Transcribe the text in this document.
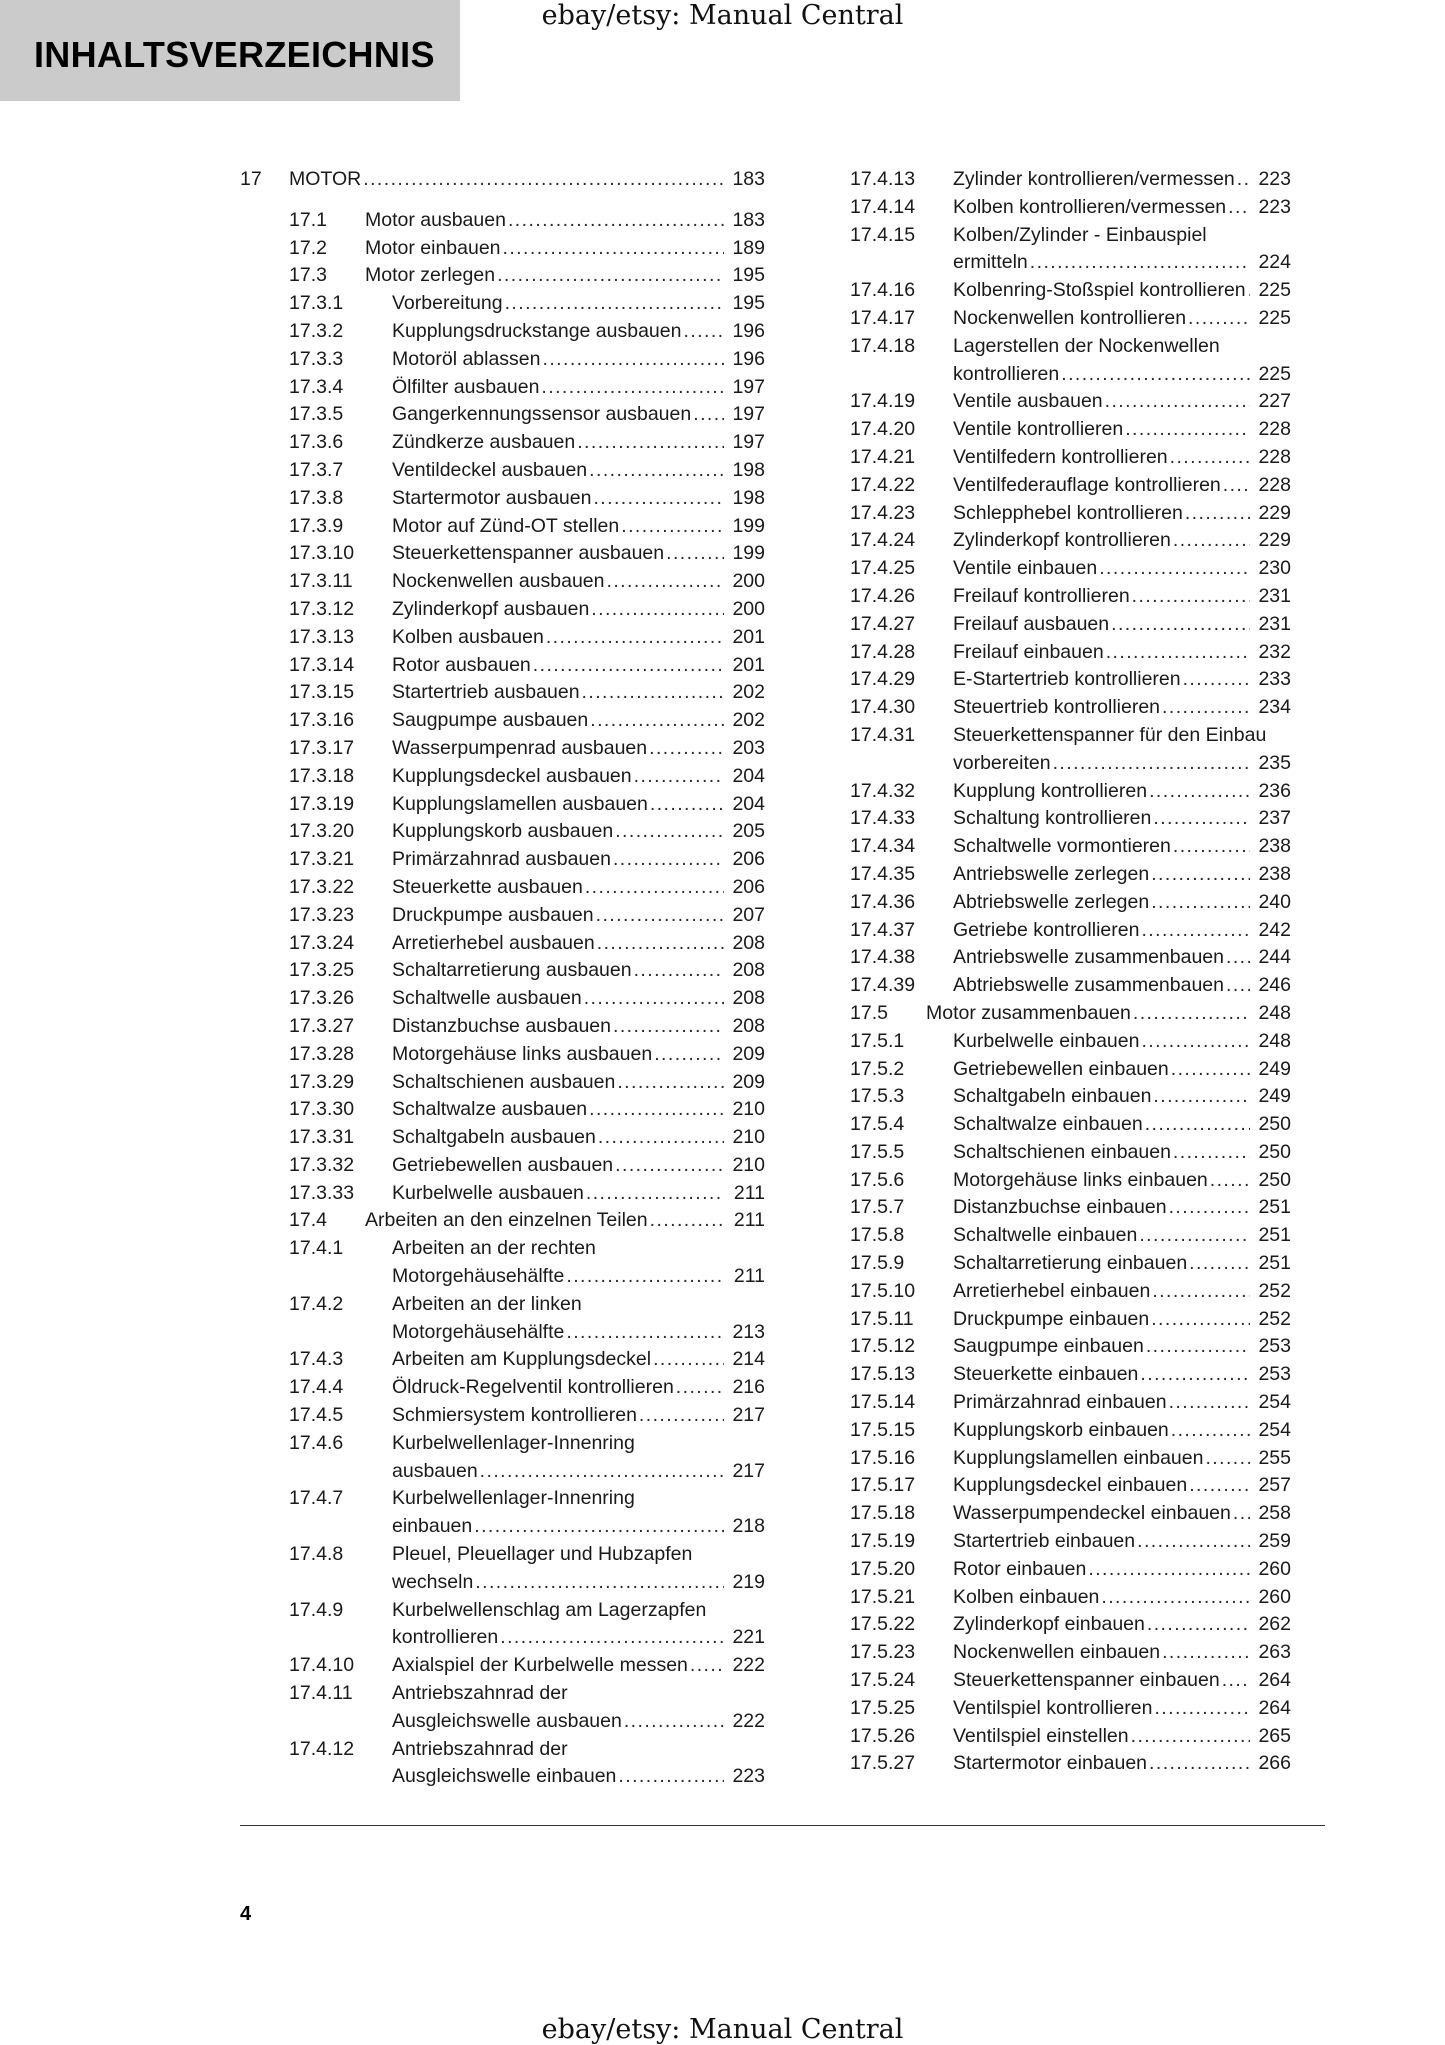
ebay/etsy: Manual Central
INHALTSVERZEICHNIS
17 MOTOR . . .	183
17.1 Motor ausbauen . . .	183
17.2 Motor einbauen . . .	189
17.3 Motor zerlegen . . .	195
17.3.1	Vorbereitung . . .	195
17.3.2	Kupplungsdruckstange ausbauen . . .	196
17.3.3	Motoröl ablassen . . .	196
17.3.4	Ölfilter ausbauen . . .	197
17.3.5	Gangerkennungssensor ausbauen . . . 197
17.3.6	Zündkerze ausbauen . . .	197
17.3.7	Ventildeckel ausbauen . . .	198
17.3.8	Startermotor ausbauen . . .	198
17.3.9	Motor auf Zünd-OT stellen . . .	199
17.3.10 Steuerkettenspanner ausbauen . . .	199
17.3.11 Nockenwellen ausbauen . . .	200
17.3.12 Zylinderkopf ausbauen . . .	200
17.3.13 Kolben ausbauen . . .	201
17.3.14 Rotor ausbauen . . .	201
17.3.15 Startertrieb ausbauen . . .	202
17.3.16 Saugpumpe ausbauen . . .	202
17.3.17 Wasserpumpenrad ausbauen . . .	203
17.3.18 Kupplungsdeckel ausbauen . . .	204
17.3.19 Kupplungslamellen ausbauen . . .	204
17.3.20 Kupplungskorb ausbauen . . .	205
17.3.21 Primärzahnrad ausbauen . . .	206
17.3.22 Steuerkette ausbauen . . .	206
17.3.23 Druckpumpe ausbauen . . .	207
17.3.24 Arretierhebel ausbauen . . .	208
17.3.25 Schaltarretierung ausbauen . . .	208
17.3.26 Schaltwelle ausbauen . . .	208
17.3.27 Distanzbuchse ausbauen . . .	208
17.3.28 Motorgehäuse links ausbauen . . .	209
17.3.29 Schaltschienen ausbauen . . .	209
17.3.30 Schaltwalze ausbauen . . .	210
17.3.31 Schaltgabeln ausbauen . . .	210
17.3.32 Getriebewellen ausbauen . . .	210
17.3.33 Kurbelwelle ausbauen . . .	211
17.4 Arbeiten an den einzelnen Teilen . . .	211
17.4.1	Arbeiten an der rechten
Motorgehäusehälfte . . .	211
17.4.2	Arbeiten an der linken
Motorgehäusehälfte . . .	213
17.4.3	Arbeiten am Kupplungsdeckel . . .	214
17.4.4	Öldruck-Regelventil kontrollieren . . .	216
17.4.5	Schmiersystem kontrollieren . . .	217
17.4.6	Kurbelwellenlager-Innenring
ausbauen . . .	217
17.4.7	Kurbelwellenlager-Innenring
einbauen . . .	218
17.4.8	Pleuel, Pleuellager und Hubzapfen
wechseln . . .	219
17.4.9	Kurbelwellenschlag am Lagerzapfen
kontrollieren . . .	221
17.4.10 Axialspiel der Kurbelwelle messen . . . 222
17.4.11 Antriebszahnrad der
Ausgleichswelle ausbauen . . .	222
17.4.12 Antriebszahnrad der
Ausgleichswelle einbauen . . .	223
17.4.13 Zylinder kontrollieren/vermessen . . . 223
17.4.14 Kolben kontrollieren/vermessen . . . 223
17.4.15 Kolben/Zylinder - Einbauspiel
ermitteln . . .	224
17.4.16 Kolbenring-Stoßspiel kontrollieren . . . 225
17.4.17 Nockenwellen kontrollieren . . .	225
17.4.18 Lagerstellen der Nockenwellen
kontrollieren . . .	225
17.4.19 Ventile ausbauen . . .	227
17.4.20 Ventile kontrollieren . . .	228
17.4.21 Ventilfedern kontrollieren . . .	228
17.4.22 Ventilfederauflage kontrollieren . . . 228
17.4.23 Schlepphebel kontrollieren . . .	229
17.4.24 Zylinderkopf kontrollieren . . .	229
17.4.25 Ventile einbauen . . .	230
17.4.26 Freilauf kontrollieren . . .	231
17.4.27 Freilauf ausbauen . . .	231
17.4.28 Freilauf einbauen . . .	232
17.4.29 E-Startertrieb kontrollieren . . .	233
17.4.30 Steuertrieb kontrollieren . . .	234
17.4.31 Steuerkettenspanner für den Einbau
vorbereiten . . .	235
17.4.32 Kupplung kontrollieren . . .	236
17.4.33 Schaltung kontrollieren . . .	237
17.4.34 Schaltwelle vormontieren . . .	238
17.4.35 Antriebswelle zerlegen . . .	238
17.4.36 Abtriebswelle zerlegen . . .	240
17.4.37 Getriebe kontrollieren . . .	242
17.4.38 Antriebswelle zusammenbauen . . . 244
17.4.39 Abtriebswelle zusammenbauen . . . 246
17.5 Motor zusammenbauen . . .	248
17.5.1	Kurbelwelle einbauen . . .	248
17.5.2	Getriebewellen einbauen . . .	249
17.5.3	Schaltgabeln einbauen . . .	249
17.5.4	Schaltwalze einbauen . . .	250
17.5.5	Schaltschienen einbauen . . .	250
17.5.6	Motorgehäuse links einbauen . . .	250
17.5.7	Distanzbuchse einbauen . . .	251
17.5.8	Schaltwelle einbauen . . .	251
17.5.9	Schaltarretierung einbauen . . .	251
17.5.10 Arretierhebel einbauen . . .	252
17.5.11 Druckpumpe einbauen . . .	252
17.5.12 Saugpumpe einbauen . . .	253
17.5.13 Steuerkette einbauen . . .	253
17.5.14 Primärzahnrad einbauen . . .	254
17.5.15 Kupplungskorb einbauen . . .	254
17.5.16 Kupplungslamellen einbauen . . .	255
17.5.17 Kupplungsdeckel einbauen . . .	257
17.5.18 Wasserpumpendeckel einbauen . . . 258
17.5.19 Startertrieb einbauen . . .	259
17.5.20 Rotor einbauen . . .	260
17.5.21 Kolben einbauen . . .	260
17.5.22 Zylinderkopf einbauen . . .	262
17.5.23 Nockenwellen einbauen . . .	263
17.5.24 Steuerkettenspanner einbauen . . . 264
17.5.25 Ventilspiel kontrollieren . . .	264
17.5.26 Ventilspiel einstellen . . .	265
17.5.27 Startermotor einbauen . . .	266
4
ebay/etsy: Manual Central
